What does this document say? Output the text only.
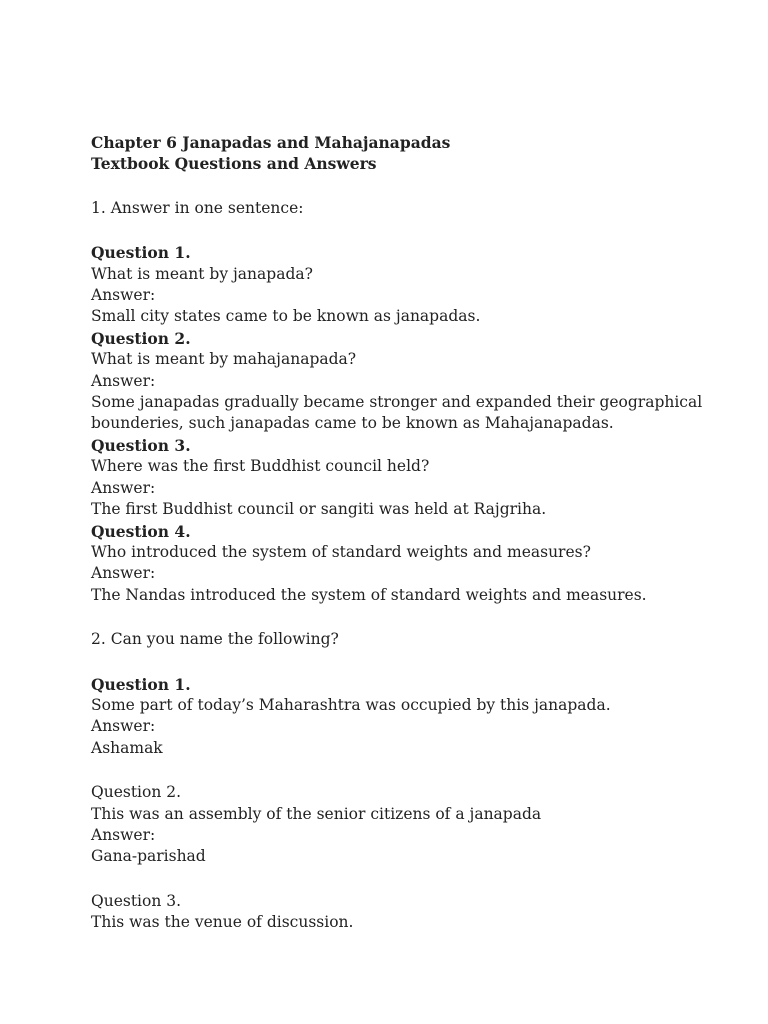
Chapter 6 Janapadas and Mahajanapadas
Textbook Questions and Answers
1. Answer in one sentence:
Question 1.
What is meant by janapada?
Answer:
Small city states came to be known as janapadas.
Question 2.
What is meant by mahajanapada?
Answer:
Some janapadas gradually became stronger and expanded their geographical bounderies, such janapadas came to be known as Mahajanapadas.
Question 3.
Where was the first Buddhist council held?
Answer:
The first Buddhist council or sangiti was held at Rajgriha.
Question 4.
Who introduced the system of standard weights and measures?
Answer:
The Nandas introduced the system of standard weights and measures.
2. Can you name the following?
Question 1.
Some part of today’s Maharashtra was occupied by this janapada.
Answer:
Ashamak
Question 2.
This was an assembly of the senior citizens of a janapada
Answer:
Gana-parishad
Question 3.
This was the venue of discussion.
